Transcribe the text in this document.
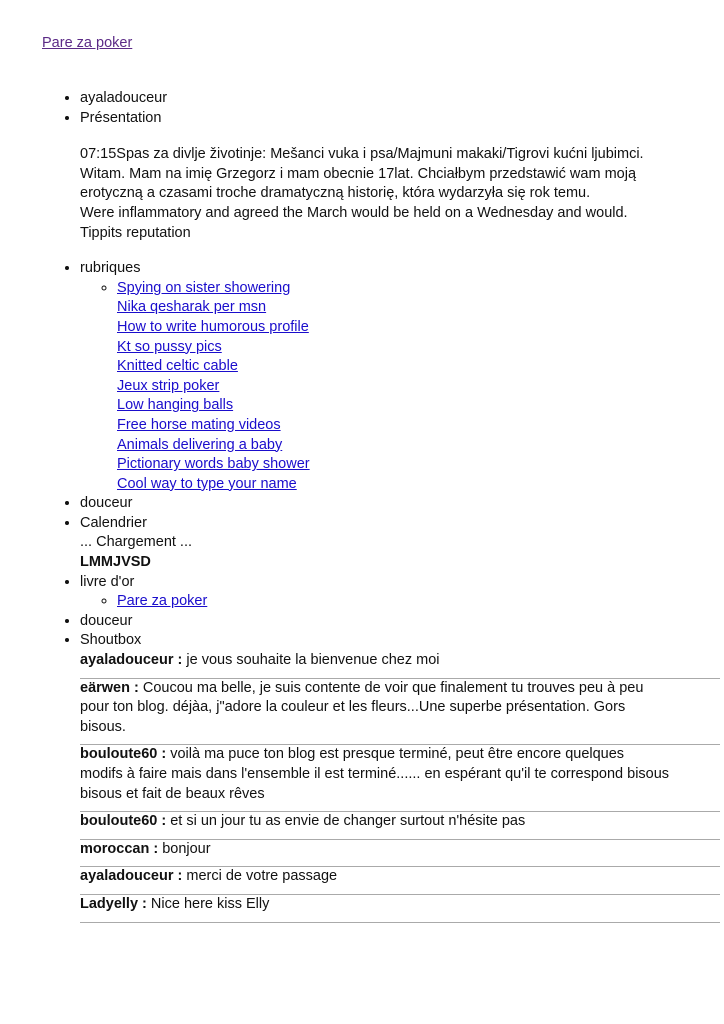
Pare za poker
• ayaladouceur
• Présentation
07:15Spas za divlje životinje: Mešanci vuka i psa/Majmuni makaki/Tigrovi kućni ljubimci.
Witam. Mam na imię Grzegorz i mam obecnie 17lat. Chciałbym przedstawić wam moją
erotyczną a czasami troche dramatyczną historię, która wydarzyła się rok temu.
Were inflammatory and agreed the March would be held on a Wednesday and would.
Tippits reputation
• rubriques
◦ Spying on sister showering
Nika qesharak per msn
How to write humorous profile
Kt so pussy pics
Knitted celtic cable
Jeux strip poker
Low hanging balls
Free horse mating videos
Animals delivering a baby
Pictionary words baby shower
Cool way to type your name
• douceur
• Calendrier
... Chargement ...
LMMJVSD
• livre d'or
◦ Pare za poker
• douceur
• Shoutbox
ayaladouceur : je vous souhaite la bienvenue chez moi
eärwen : Coucou ma belle, je suis contente de voir que finalement tu trouves peu à peu
pour ton blog. déjàa, j"adore la couleur et les fleurs...Une superbe présentation. Gors
bisous.
bouloute60 : voilà ma puce ton blog est presque terminé, peut être encore quelques
modifs à faire mais dans l'ensemble il est terminé...... en espérant qu'il te correspond bisous
bisous et fait de beaux rêves
bouloute60 : et si un jour tu as envie de changer surtout n'hésite pas
moroccan : bonjour
ayaladouceur : merci de votre passage
Ladyelly : Nice here kiss Elly
